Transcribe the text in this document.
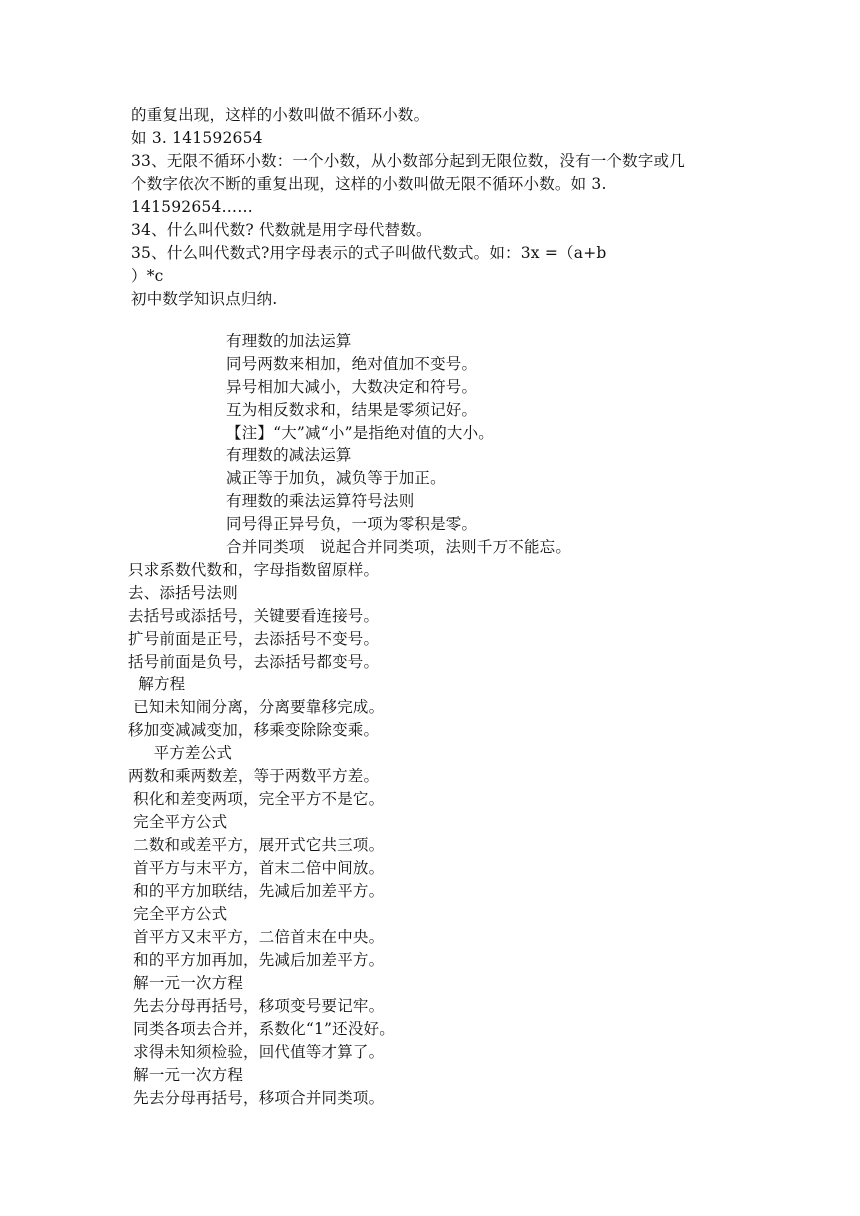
的重复出现，这样的小数叫做不循环小数。
如 3. 141592654
33、无限不循环小数：一个小数，从小数部分起到无限位数，没有一个数字或几
个数字依次不断的重复出现，这样的小数叫做无限不循环小数。如 3.
141592654……
34、什么叫代数? 代数就是用字母代替数。
35、什么叫代数式?用字母表示的式子叫做代数式。如：3x =（a+b
）*c
初中数学知识点归纳.
有理数的加法运算
同号两数来相加，绝对值加不变号。
异号相加大减小，大数决定和符号。
互为相反数求和，结果是零须记好。
【注】“大”减“小”是指绝对值的大小。
有理数的减法运算
减正等于加负，减负等于加正。
有理数的乘法运算符号法则
同号得正异号负，一项为零积是零。
合并同类项   说起合并同类项，法则千万不能忘。
只求系数代数和，字母指数留原样。
去、添括号法则
去括号或添括号，关键要看连接号。
扩号前面是正号，去添括号不变号。
括号前面是负号，去添括号都变号。
解方程
已知未知闹分离，分离要靠移完成。
移加变减减变加，移乘变除除变乘。
平方差公式
两数和乘两数差，等于两数平方差。
积化和差变两项，完全平方不是它。
完全平方公式
二数和或差平方，展开式它共三项。
首平方与末平方，首末二倍中间放。
和的平方加联结，先减后加差平方。
完全平方公式
首平方又末平方，二倍首末在中央。
和的平方加再加，先减后加差平方。
解一元一次方程
先去分母再括号，移项变号要记牢。
同类各项去合并，系数化“1”还没好。
求得未知须检验，回代值等才算了。
解一元一次方程
先去分母再括号，移项合并同类项。
